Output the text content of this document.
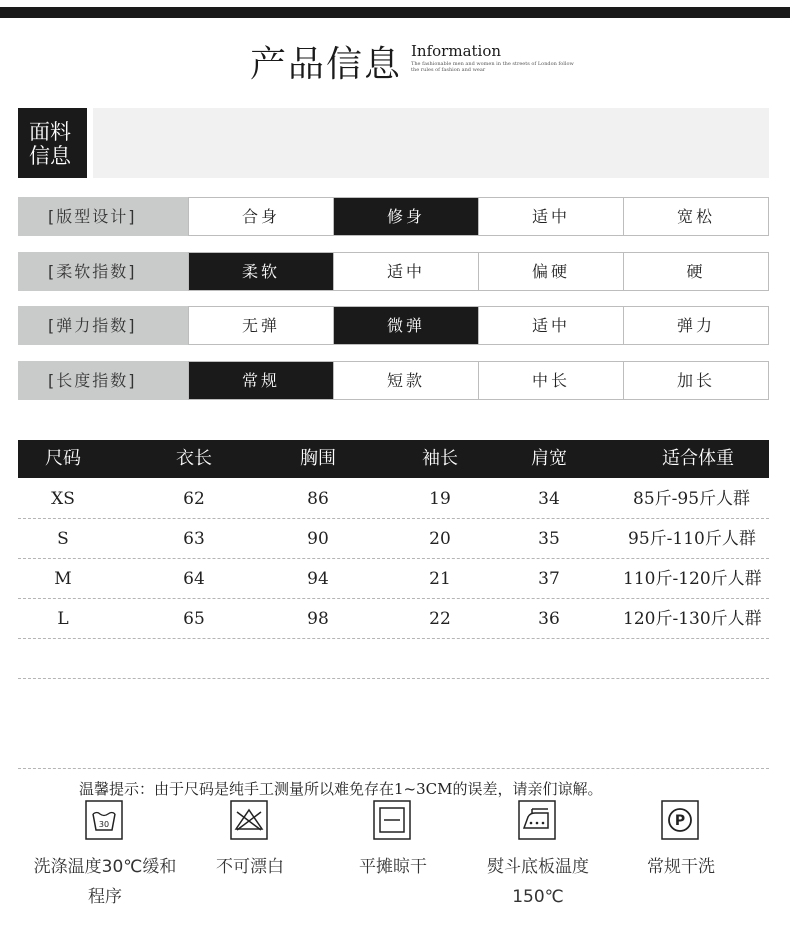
产品信息 Information
The fashionable men and women in the streets of London follow the rules of fashion and wear
面料信息
[版型设计]	合身	修身	适中	宽松
[柔软指数]	柔软	适中	偏硬	硬
[弹力指数]	无弹	微弹	适中	弹力
[长度指数]	常规	短款	中长	加长
尺码	衣长	胸围	袖长	肩宽	适合体重
XS	62	86	19	34	85斤-95斤人群
S	63	90	20	35	95斤-110斤人群
M	64	94	21	37	110斤-120斤人群
L	65	98	22	36	120斤-130斤人群
温馨提示：由于尺码是纯手工测量所以难免存在1~3CM的误差，请亲们谅解。
30
洗涤温度30℃缓和程序
不可漂白	平摊晾干	熨斗底板温度150℃
P
常规干洗
